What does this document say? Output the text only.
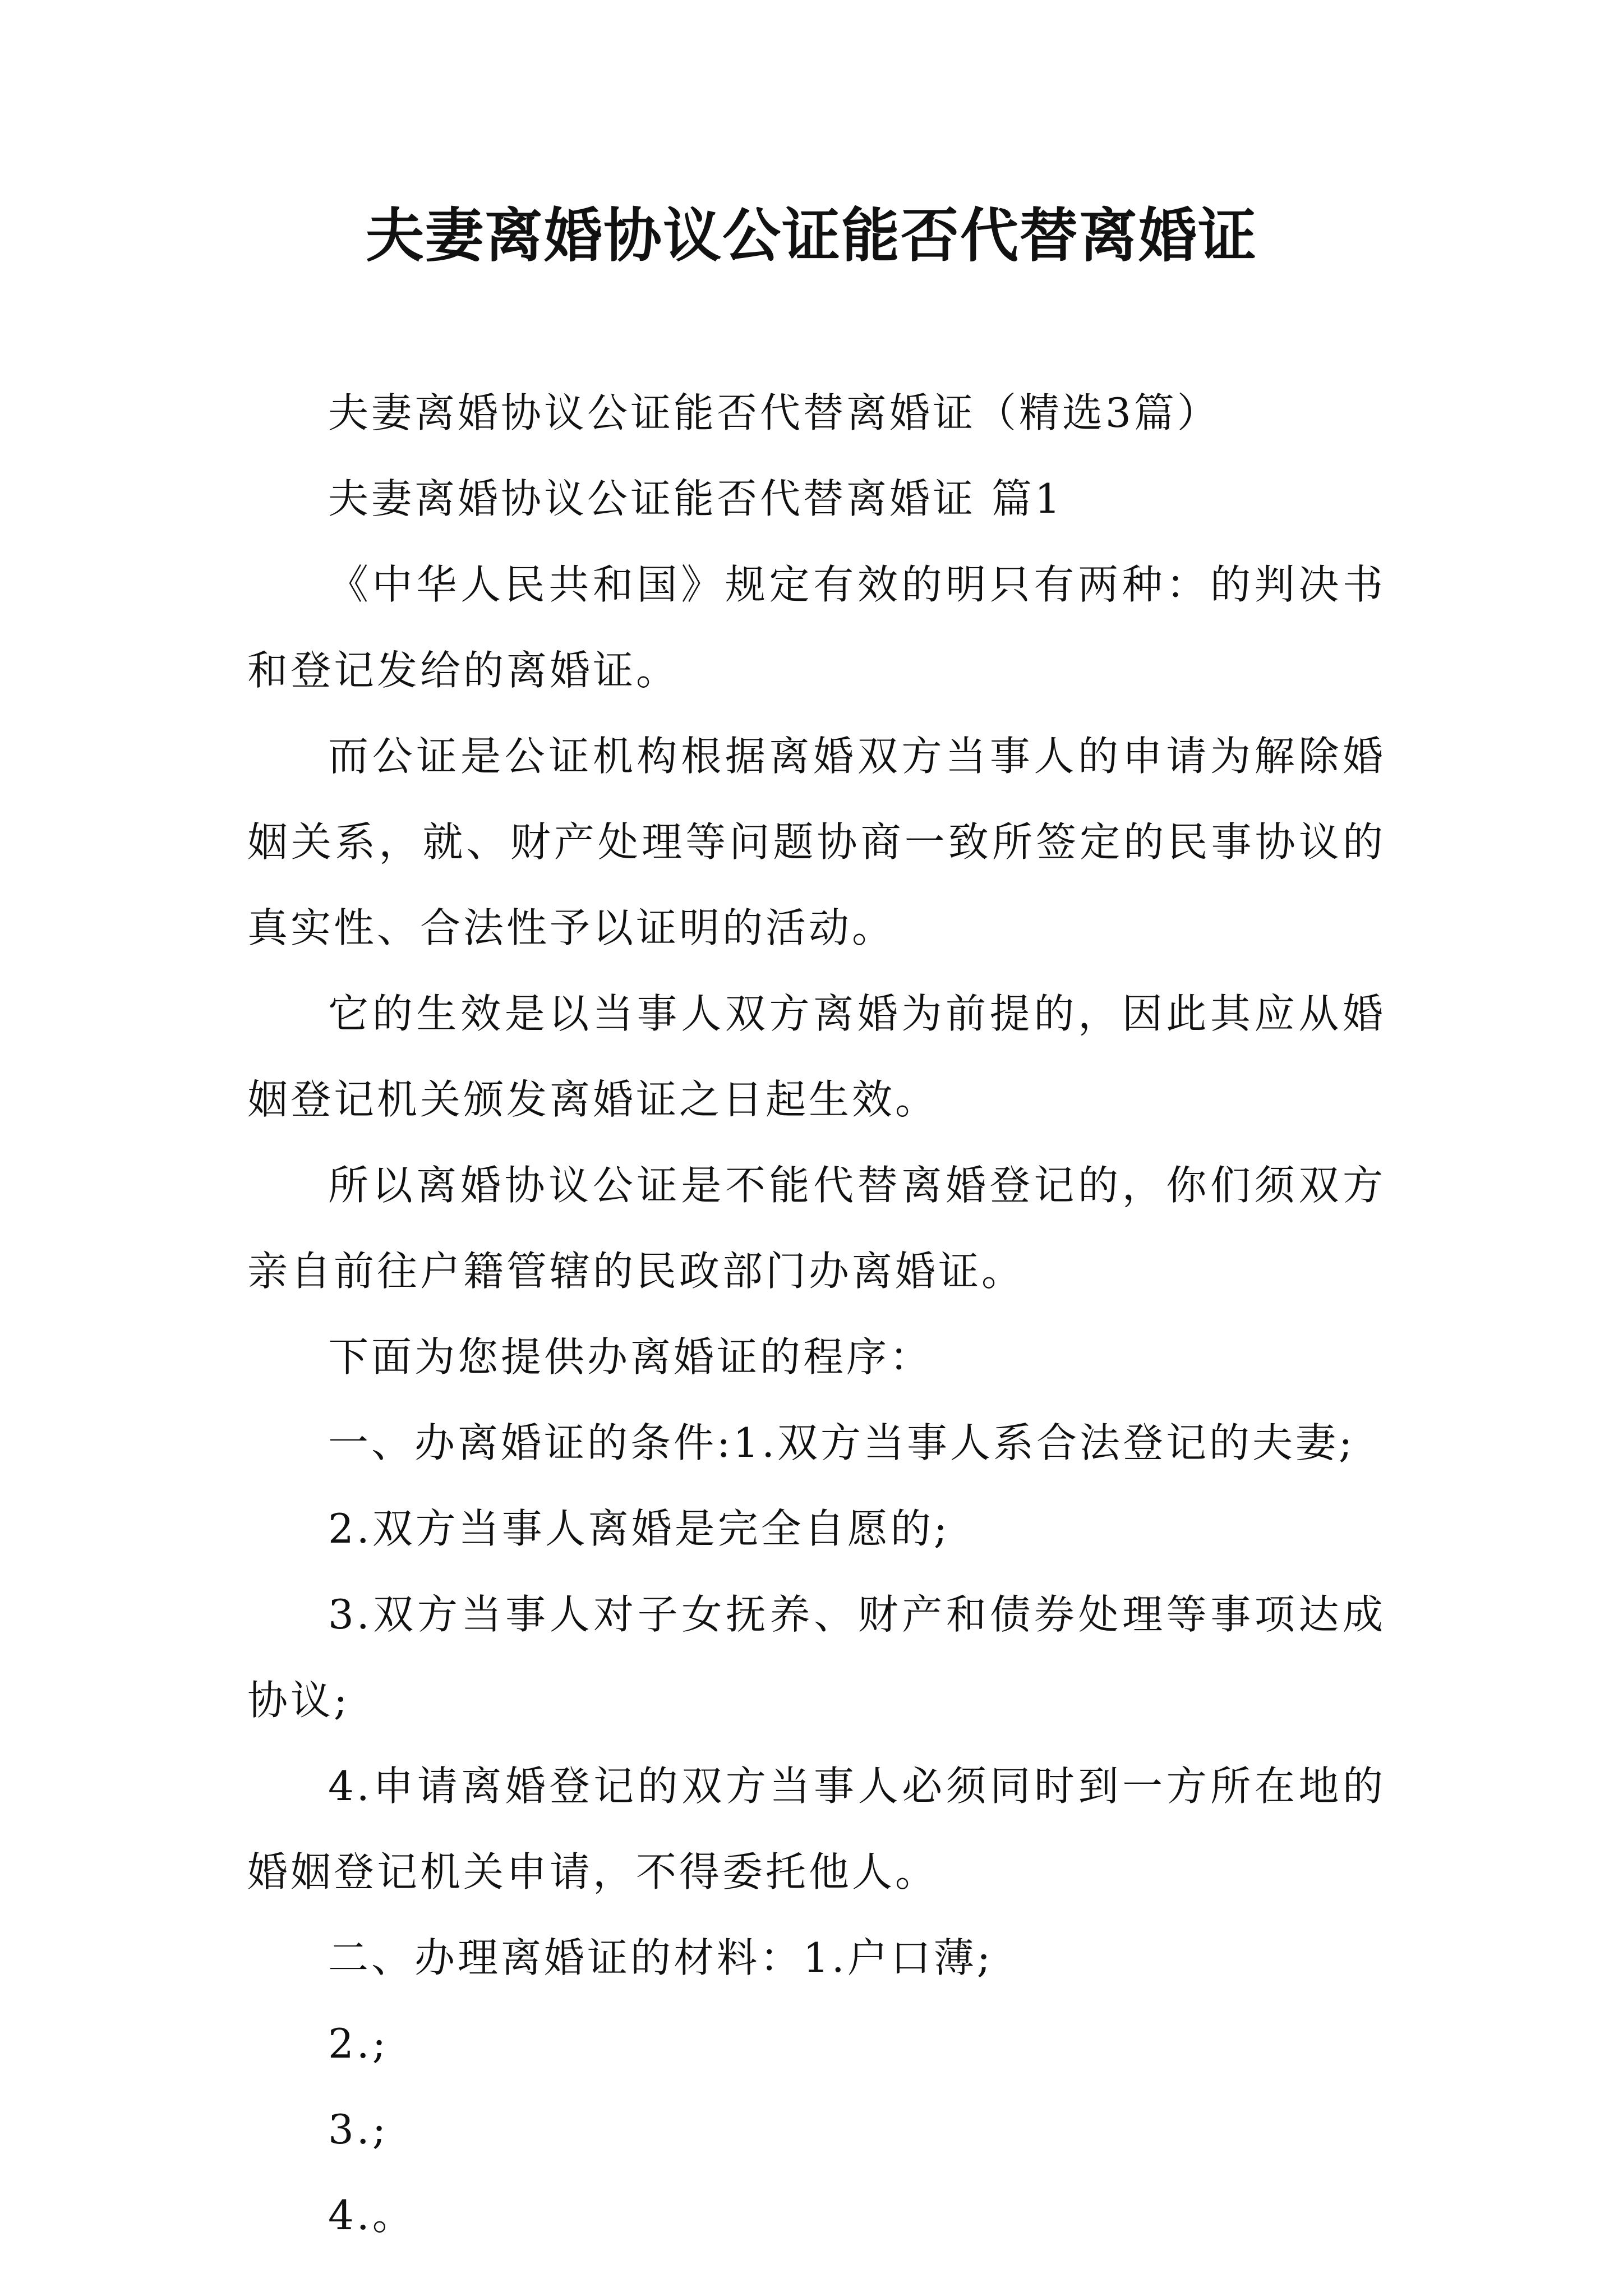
夫妻离婚协议公证能否代替离婚证

夫妻离婚协议公证能否代替离婚证（精选3篇）

夫妻离婚协议公证能否代替离婚证 篇1

《中华人民共和国》规定有效的明只有两种：的判决书和登记发给的离婚证。

而公证是公证机构根据离婚双方当事人的申请为解除婚姻关系，就、财产处理等问题协商一致所签定的民事协议的真实性、合法性予以证明的活动。

它的生效是以当事人双方离婚为前提的，因此其应从婚姻登记机关颁发离婚证之日起生效。

所以离婚协议公证是不能代替离婚登记的，你们须双方亲自前往户籍管辖的民政部门办离婚证。

下面为您提供办离婚证的程序：

一、办离婚证的条件:1.双方当事人系合法登记的夫妻;

2.双方当事人离婚是完全自愿的;

3.双方当事人对子女抚养、财产和债券处理等事项达成协议;

4.申请离婚登记的双方当事人必须同时到一方所在地的婚姻登记机关申请，不得委托他人。

二、办理离婚证的材料：1.户口薄;

2.;

3.;

4.。
